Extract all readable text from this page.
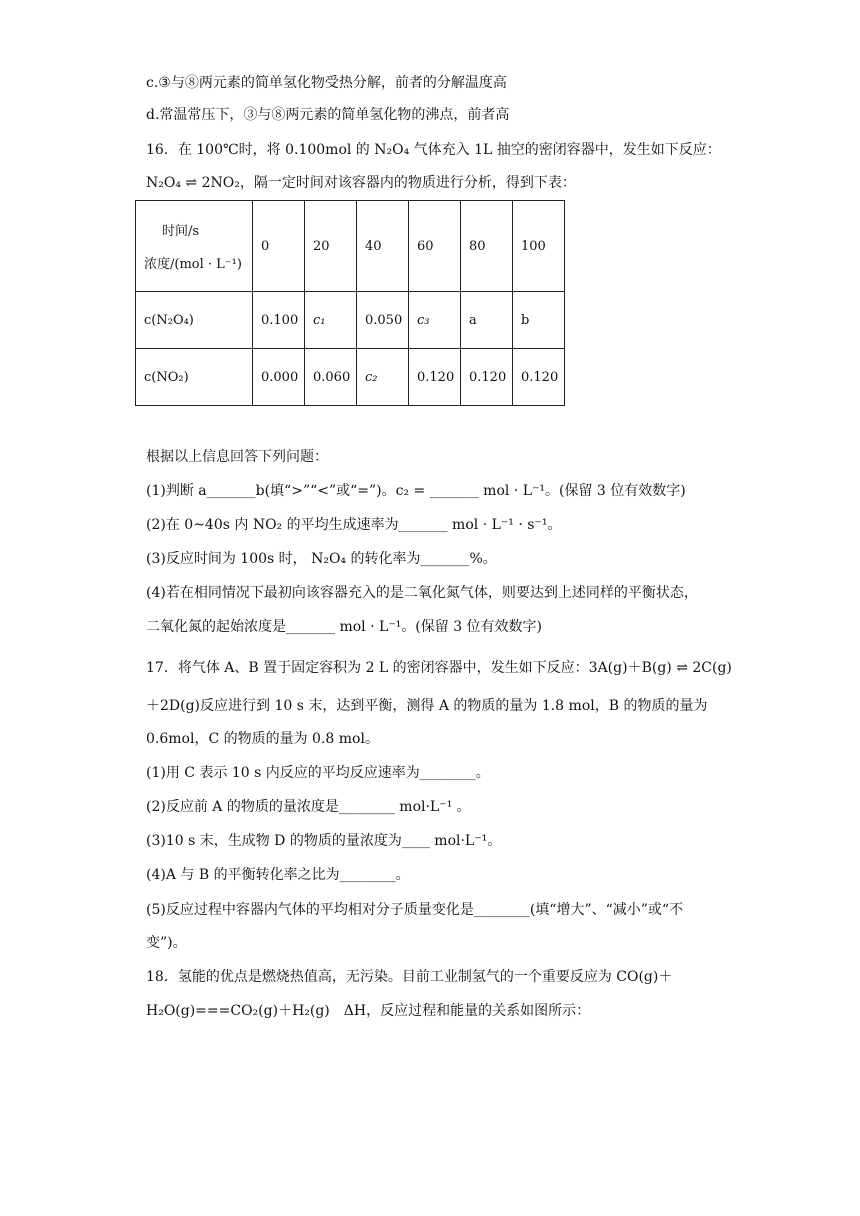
c.③与⑧两元素的简单氢化物受热分解，前者的分解温度高
d.常温常压下，③与⑧两元素的简单氢化物的沸点，前者高
16．在 100℃时，将 0.100mol 的 N₂O₄ 气体充入 1L 抽空的密闭容器中，发生如下反应：
N₂O₄ ⇌ 2NO₂，隔一定时间对该容器内的物质进行分析，得到下表：
时间/s
浓度/(mol · L⁻¹)	0	20	40	60	80	100
c(N₂O₄)	0.100	c₁	0.050	c₃	a	b
c(NO₂)	0.000	0.060	c₂	0.120	0.120	0.120
根据以上信息回答下列问题：
(1)判断 a_______b(填“>”“<”或“=”)。c₂ = _______ mol · L⁻¹。(保留 3 位有效数字)
(2)在 0~40s 内 NO₂ 的平均生成速率为_______ mol · L⁻¹ · s⁻¹。
(3)反应时间为 100s 时， N₂O₄ 的转化率为_______%。
(4)若在相同情况下最初向该容器充入的是二氧化氮气体，则要达到上述同样的平衡状态，
二氧化氮的起始浓度是_______ mol · L⁻¹。(保留 3 位有效数字)
17．将气体 A、B 置于固定容积为 2 L 的密闭容器中，发生如下反应：3A(g)＋B(g) ⇌ 2C(g)
＋2D(g)反应进行到 10 s 末，达到平衡，测得 A 的物质的量为 1.8 mol，B 的物质的量为
0.6mol，C 的物质的量为 0.8 mol。
(1)用 C 表示 10 s 内反应的平均反应速率为________。
(2)反应前 A 的物质的量浓度是________ mol·L⁻¹ 。
(3)10 s 末，生成物 D 的物质的量浓度为____ mol·L⁻¹。
(4)A 与 B 的平衡转化率之比为________。
(5)反应过程中容器内气体的平均相对分子质量变化是________(填“增大”、“减小”或“不
变”)。
18．氢能的优点是燃烧热值高，无污染。目前工业制氢气的一个重要反应为 CO(g)＋
H₂O(g)===CO₂(g)＋H₂(g)　ΔH，反应过程和能量的关系如图所示：
